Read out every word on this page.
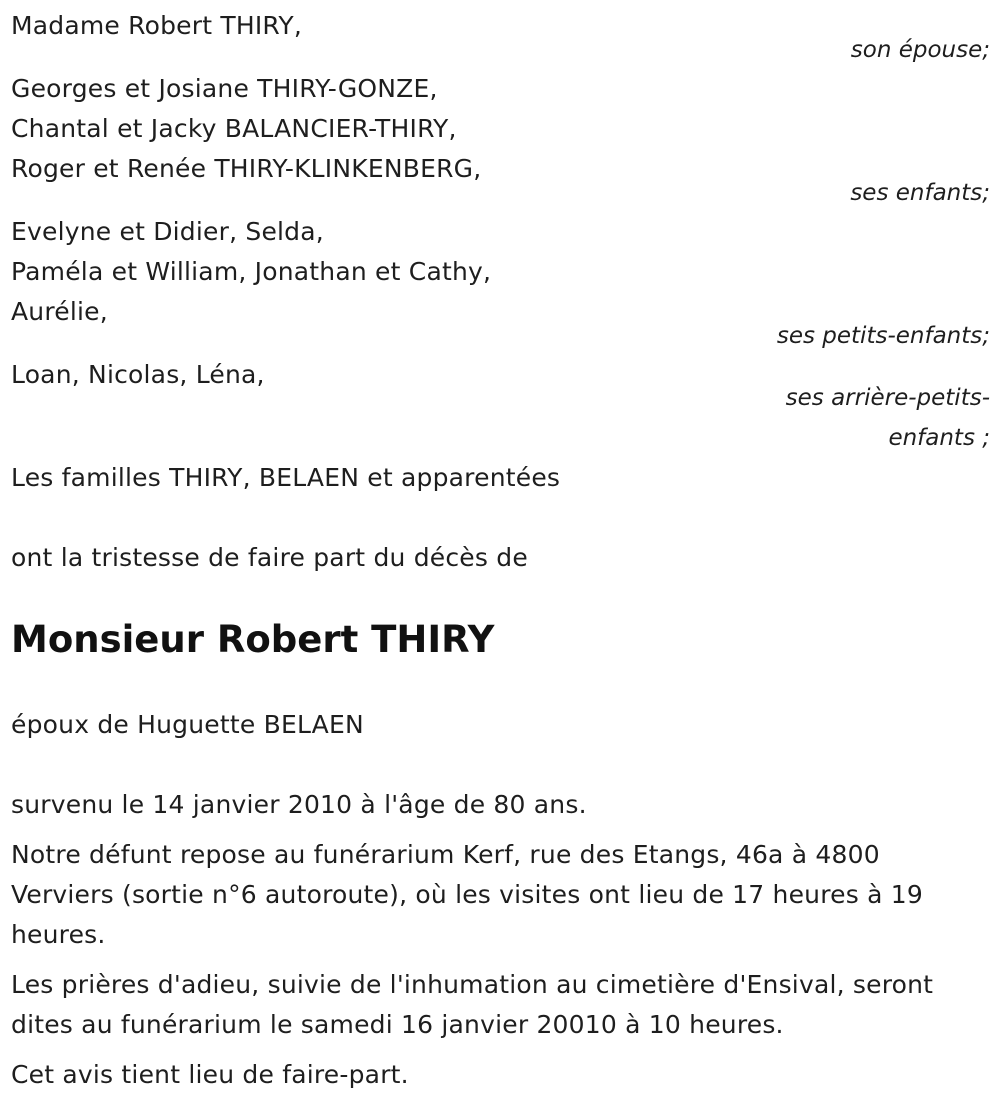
Madame Robert THIRY,
son épouse;
Georges et Josiane THIRY-GONZE,
Chantal et Jacky BALANCIER-THIRY,
Roger et Renée THIRY-KLINKENBERG,
ses enfants;
Evelyne et Didier, Selda,
Paméla et William, Jonathan et Cathy,
Aurélie,
ses petits-enfants;
Loan, Nicolas, Léna,
ses arrière-petits-
enfants ;
Les familles THIRY, BELAEN et apparentées
ont la tristesse de faire part du décès de
Monsieur Robert THIRY
époux de Huguette BELAEN
survenu le 14 janvier 2010 à l'âge de 80 ans.
Notre défunt repose au funérarium Kerf, rue des Etangs, 46a à 4800 Verviers (sortie n°6 autoroute), où les visites ont lieu de 17 heures à 19 heures.
Les prières d'adieu, suivie de l'inhumation au cimetière d'Ensival, seront dites au funérarium le samedi 16 janvier 20010 à 10 heures.
Cet avis tient lieu de faire-part.
